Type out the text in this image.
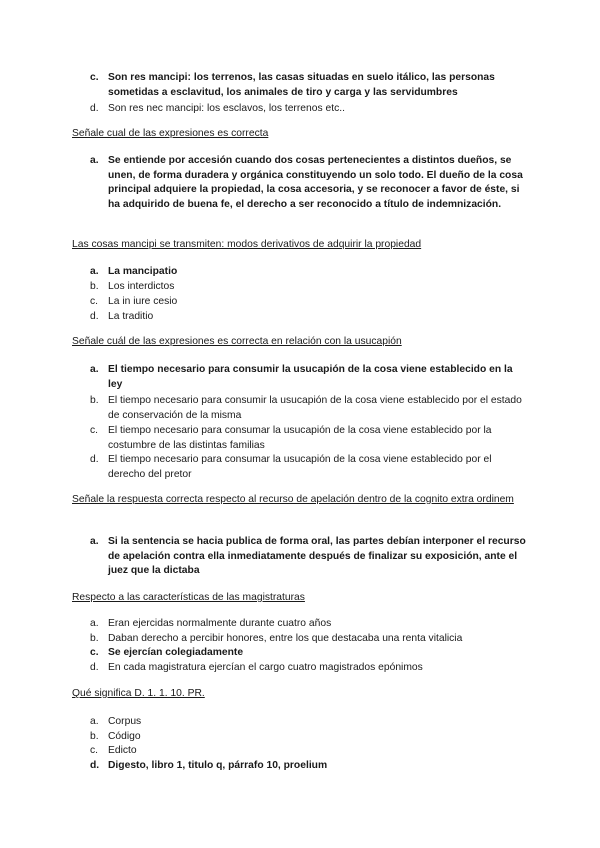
c. Son res mancipi: los terrenos, las casas situadas en suelo itálico, las personas sometidas a esclavitud, los animales de tiro y carga y las servidumbres
d. Son res nec mancipi: los esclavos, los terrenos etc..
Señale cual de las expresiones es correcta
a. Se entiende por accesión cuando dos cosas pertenecientes a distintos dueños, se unen, de forma duradera y orgánica constituyendo un solo todo. El dueño de la cosa principal adquiere la propiedad, la cosa accesoria, y se reconocer a favor de éste, si ha adquirido de buena fe, el derecho a ser reconocido a título de indemnización.
Las cosas mancipi se transmiten: modos derivativos de adquirir la propiedad
a. La mancipatio
b. Los interdictos
c. La in iure cesio
d. La traditio
Señale cuál de las expresiones es correcta en relación con la usucapión
a. El tiempo necesario para consumir la usucapión de la cosa viene establecido en la ley
b. El tiempo necesario para consumir la usucapión de la cosa viene establecido por el estado de conservación de la misma
c. El tiempo necesario para consumar la usucapión de la cosa viene establecido por la costumbre de las distintas familias
d. El tiempo necesario para consumar la usucapión de la cosa viene establecido por el derecho del pretor
Señale la respuesta correcta respecto al recurso de apelación dentro de la cognito extra ordinem
a. Si la sentencia se hacia publica de forma oral, las partes debían interponer el recurso de apelación contra ella inmediatamente después de finalizar su exposición, ante el juez que la dictaba
Respecto a las características de las magistraturas
a. Eran ejercidas normalmente durante cuatro años
b. Daban derecho a percibir honores, entre los que destacaba una renta vitalicia
c. Se ejercían colegiadamente
d. En cada magistratura ejercían el cargo cuatro magistrados epónimos
Qué significa D. 1. 1. 10. PR.
a. Corpus
b. Código
c. Edicto
d. Digesto, libro 1, titulo q, párrafo 10, proelium
